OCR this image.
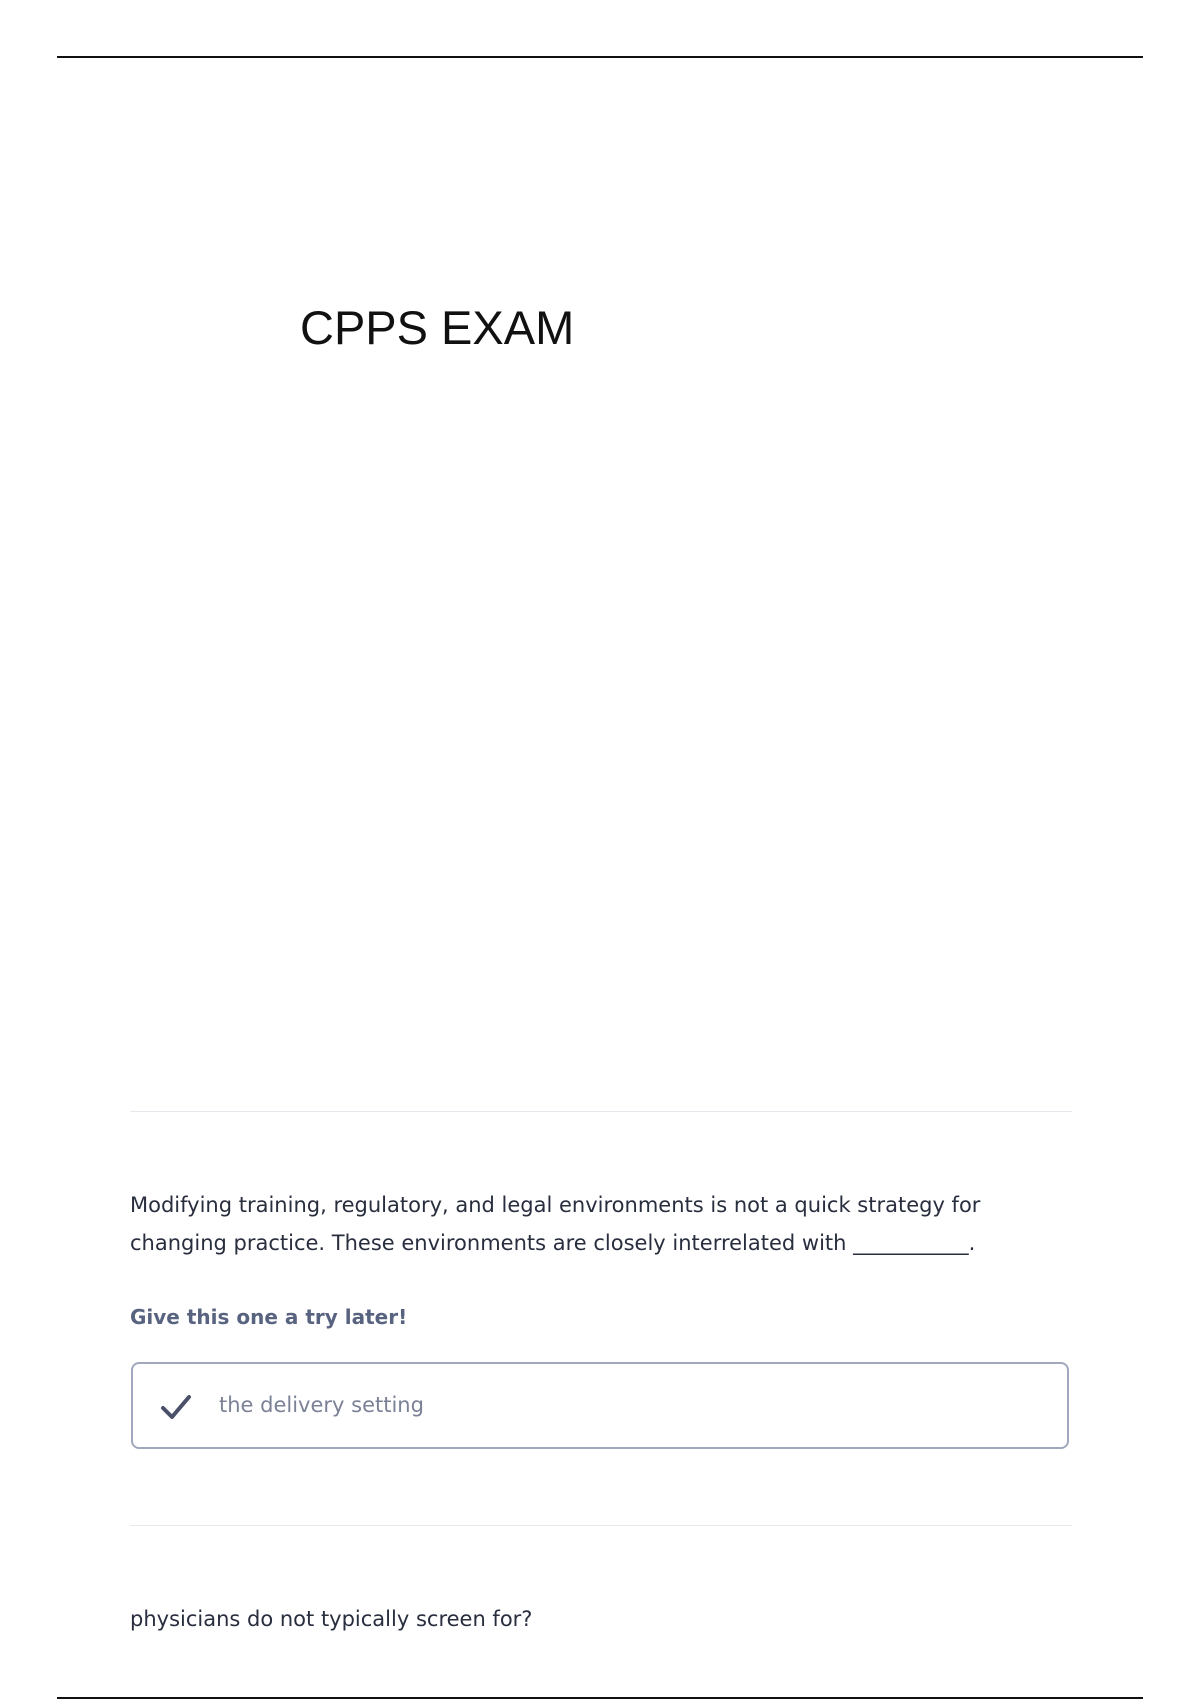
CPPS EXAM
Modifying training, regulatory, and legal environments is not a quick strategy for changing practice. These environments are closely interrelated with ___________.
Give this one a try later!
the delivery setting
physicians do not typically screen for?
